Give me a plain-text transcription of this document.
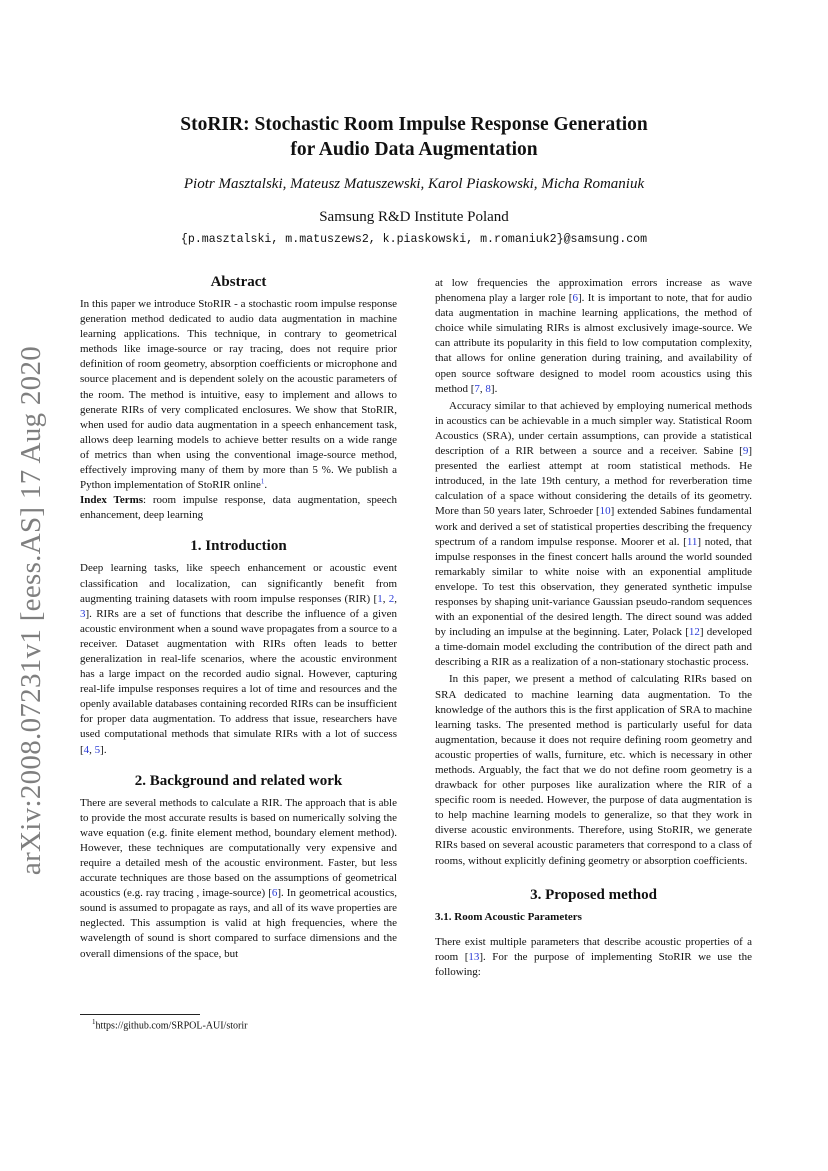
arXiv:2008.07231v1 [eess.AS] 17 Aug 2020
StoRIR: Stochastic Room Impulse Response Generation
for Audio Data Augmentation

Piotr Masztalski, Mateusz Matuszewski, Karol Piaskowski, Micha Romaniuk

Samsung R&D Institute Poland

{p.masztalski, m.matuszews2, k.piaskowski, m.romaniuk2}@samsung.com

Abstract

In this paper we introduce StoRIR - a stochastic room impulse response generation method dedicated to audio data augmentation in machine learning applications. This technique, in contrary to geometrical methods like image-source or ray tracing, does not require prior definition of room geometry, absorption coefficients or microphone and source placement and is dependent solely on the acoustic parameters of the room. The method is intuitive, easy to implement and allows to generate RIRs of very complicated enclosures. We show that StoRIR, when used for audio data augmentation in a speech enhancement task, allows deep learning models to achieve better results on a wide range of metrics than when using the conventional image-source method, effectively improving many of them by more than 5 %. We publish a Python implementation of StoRIR online$^1$.
Index Terms: room impulse response, data augmentation, speech enhancement, deep learning

1. Introduction

Deep learning tasks, like speech enhancement or acoustic event classification and localization, can significantly benefit from augmenting training datasets with room impulse responses (RIR) [1, 2, 3]. RIRs are a set of functions that describe the influence of a given acoustic environment when a sound wave propagates from a source to a receiver. Dataset augmentation with RIRs often leads to better generalization in real-life scenarios, where the acoustic environment has a large impact on the recorded audio signal. However, capturing real-life impulse responses requires a lot of time and resources and the openly available databases containing recorded RIRs can be insufficient for proper data augmentation. To address that issue, researchers have used computational methods that simulate RIRs with a lot of success [4, 5].

2. Background and related work

There are several methods to calculate a RIR. The approach that is able to provide the most accurate results is based on numerically solving the wave equation (e.g. finite element method, boundary element method). However, these techniques are computationally very expensive and require a detailed mesh of the acoustic environment. Faster, but less accurate techniques are those based on the assumptions of geometrical acoustics (e.g. ray tracing , image-source) [6]. In geometrical acoustics, sound is assumed to propagate as rays, and all of its wave properties are neglected. This assumption is valid at high frequencies, where the wavelength of sound is short compared to surface dimensions and the overall dimensions of the space, but

at low frequencies the approximation errors increase as wave phenomena play a larger role [6]. It is important to note, that for audio data augmentation in machine learning applications, the method of choice while simulating RIRs is almost exclusively image-source. We can attribute its popularity in this field to low computation complexity, that allows for online generation during training, and availability of open source software designed to model room acoustics using this method [7, 8].

Accuracy similar to that achieved by employing numerical methods in acoustics can be achievable in a much simpler way. Statistical Room Acoustics (SRA), under certain assumptions, can provide a statistical description of a RIR between a source and a receiver. Sabine [9] presented the earliest attempt at room statistical methods. He introduced, in the late 19th century, a method for reverberation time calculation of a space without considering the details of its geometry. More than 50 years later, Schroeder [10] extended Sabines fundamental work and derived a set of statistical properties describing the frequency spectrum of a random impulse response. Moorer et al. [11] noted, that impulse responses in the finest concert halls around the world sounded remarkably similar to white noise with an exponential amplitude envelope. To test this observation, they generated synthetic impulse responses by shaping unit-variance Gaussian pseudo-random sequences with an exponential of the desired length. The direct sound was added by including an impulse at the beginning. Later, Polack [12] developed a time-domain model excluding the contribution of the direct path and describing a RIR as a realization of a non-stationary stochastic process.

In this paper, we present a method of calculating RIRs based on SRA dedicated to machine learning data augmentation. To the knowledge of the authors this is the first application of SRA to machine learning tasks. The presented method is particularly useful for data augmentation, because it does not require defining room geometry and acoustic properties of walls, furniture, etc. which is necessary in other methods. Arguably, the fact that we do not define room geometry is a drawback for other purposes like auralization where the RIR of a specific room is needed. However, the purpose of data augmentation is to help machine learning models to generalize, so that they work in diverse acoustic environments. Therefore, using StoRIR, we generate RIRs based on several acoustic parameters that correspond to a class of rooms, without explicitly defining geometry or absorption coefficients.

3. Proposed method
3.1. Room Acoustic Parameters

There exist multiple parameters that describe acoustic properties of a room [13]. For the purpose of implementing StoRIR we use the following:

$^1$https://github.com/SRPOL-AUI/storir
